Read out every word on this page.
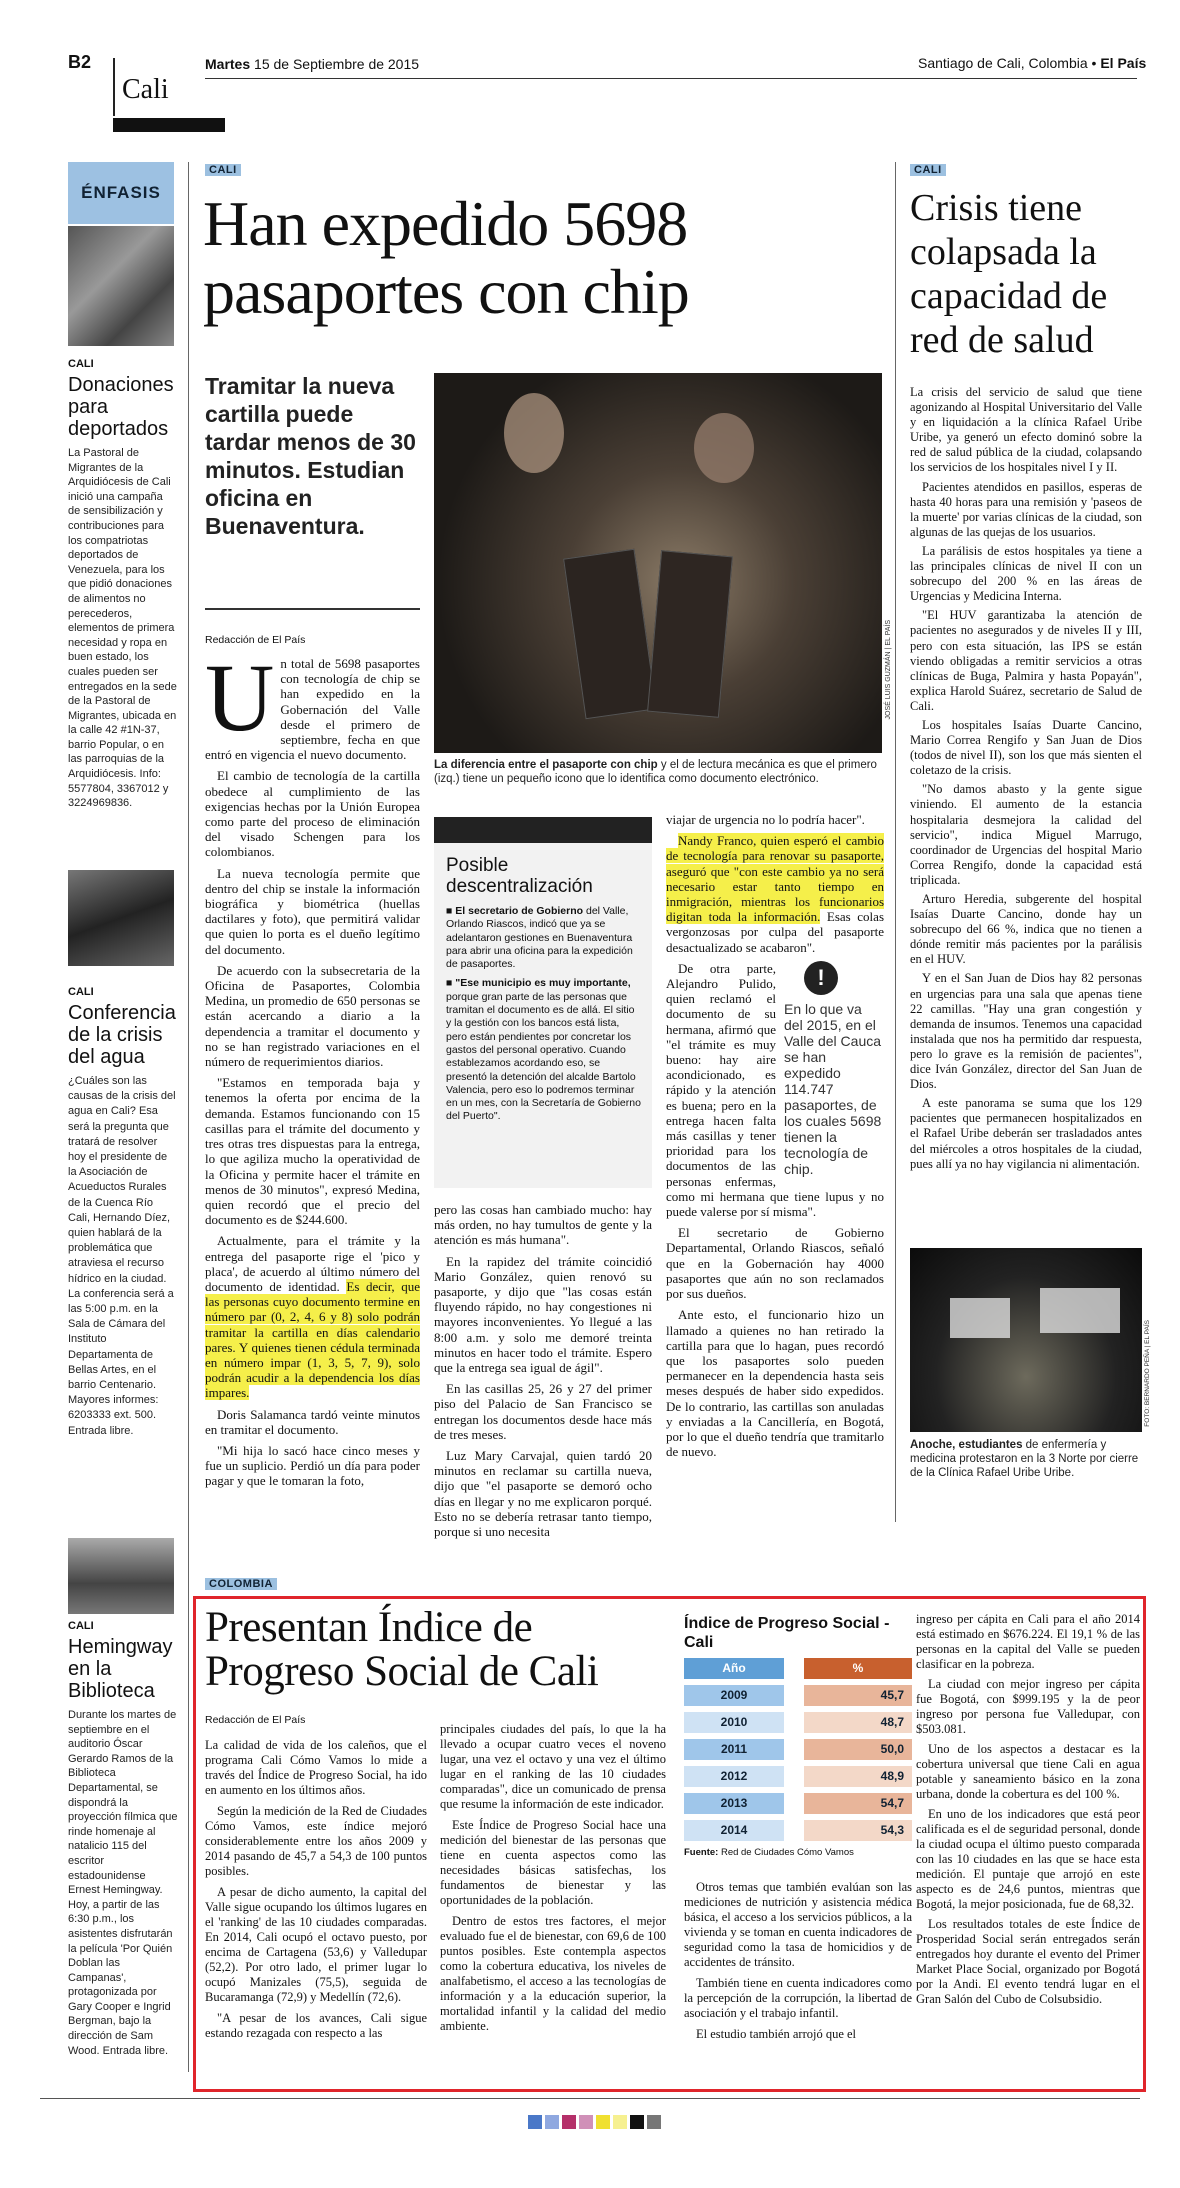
B2
Cali
Martes 15 de Septiembre de 2015	Santiago de Cali, Colombia • El País
ÉNFASIS
CALI
Donaciones para deportados
La Pastoral de Migrantes de la Arquidiócesis de Cali inició una campaña de sensibilización y contribuciones para los compatriotas deportados de Venezuela, para los que pidió donaciones de alimentos no perecederos, elementos de primera necesidad y ropa en buen estado, los cuales pueden ser entregados en la sede de la Pastoral de Migrantes, ubicada en la calle 42 #1N-37, barrio Popular, o en las parroquias de la Arquidiócesis. Info: 5577804, 3367012 y 3224969836.
CALI
Conferencia de la crisis del agua
¿Cuáles son las causas de la crisis del agua en Cali? Esa será la pregunta que tratará de resolver hoy el presidente de la Asociación de Acueductos Rurales de la Cuenca Río Cali, Hernando Díez, quien hablará de la problemática que atraviesa el recurso hídrico en la ciudad. La conferencia será a las 5:00 p.m. en la Sala de Cámara del Instituto Departamenta de Bellas Artes, en el barrio Centenario. Mayores informes: 6203333 ext. 500. Entrada libre.
CALI
Hemingway en la Biblioteca
Durante los martes de septiembre en el auditorio Óscar Gerardo Ramos de la Biblioteca Departamental, se dispondrá la proyección fílmica que rinde homenaje al natalicio 115 del escritor estadounidense Ernest Hemingway. Hoy, a partir de las 6:30 p.m., los asistentes disfrutarán la película 'Por Quién Doblan las Campanas', protagonizada por Gary Cooper e Ingrid Bergman, bajo la dirección de Sam Wood. Entrada libre.
CALI
Han expedido 5698 pasaportes con chip
Tramitar la nueva cartilla puede tardar menos de 30 minutos. Estudian oficina en Buenaventura.
Redacción de El País	JOSÉ LUIS GUZMÁN | EL PAÍS
La diferencia entre el pasaporte con chip y el de lectura mecánica es que el primero (izq.) tiene un pequeño icono que lo identifica como documento electrónico.
U n total de 5698 pasaportes con tecnología de chip se han expedido en la Gobernación del Valle desde el primero de septiembre, fecha en que entró en vigencia el nuevo documento.

El cambio de tecnología de la cartilla obedece al cumplimiento de las exigencias hechas por la Unión Europea como parte del proceso de eliminación del visado Schengen para los colombianos.

La nueva tecnología permite que dentro del chip se instale la información biográfica y biométrica (huellas dactilares y foto), que permitirá validar que quien lo porta es el dueño legítimo del documento.

De acuerdo con la subsecretaria de la Oficina de Pasaportes, Colombia Medina, un promedio de 650 personas se están acercando a diario a la dependencia a tramitar el documento y no se han registrado variaciones en el número de requerimientos diarios.

"Estamos en temporada baja y tenemos la oferta por encima de la demanda. Estamos funcionando con 15 casillas para el trámite del documento y tres otras tres dispuestas para la entrega, lo que agiliza mucho la operatividad de la Oficina y permite hacer el trámite en menos de 30 minutos", expresó Medina, quien recordó que el precio del documento es de $244.600.

Actualmente, para el trámite y la entrega del pasaporte rige el 'pico y placa', de acuerdo al último número del documento de identidad. Es decir, que las personas cuyo documento termine en número par (0, 2, 4, 6 y 8) solo podrán tramitar la cartilla en días calendario pares. Y quienes tienen cédula terminada en número impar (1, 3, 5, 7, 9), solo podrán acudir a la dependencia los días impares.

Doris Salamanca tardó veinte minutos en tramitar el documento.

"Mi hija lo sacó hace cinco meses y fue un suplicio. Perdió un día para poder pagar y que le tomaran la foto,

Posible descentralización
■ El secretario de Gobierno del Valle, Orlando Riascos, indicó que ya se adelantaron gestiones en Buenaventura para abrir una oficina para la expedición de pasaportes.
■ "Ese municipio es muy importante, porque gran parte de las personas que tramitan el documento es de allá. El sitio y la gestión con los bancos está lista, pero están pendientes por concretar los gastos del personal operativo. Cuando establezamos acordando eso, se presentó la detención del alcalde Bartolo Valencia, pero eso lo podremos terminar en un mes, con la Secretaría de Gobierno del Puerto".

pero las cosas han cambiado mucho: hay más orden, no hay tumultos de gente y la atención es más humana".

En la rapidez del trámite coincidió Mario González, quien renovó su pasaporte, y dijo que "las cosas están fluyendo rápido, no hay congestiones ni mayores inconvenientes. Yo llegué a las 8:00 a.m. y solo me demoré treinta minutos en hacer todo el trámite. Espero que la entrega sea igual de ágil".

En las casillas 25, 26 y 27 del primer piso del Palacio de San Francisco se entregan los documentos desde hace más de tres meses.

Luz Mary Carvajal, quien tardó 20 minutos en reclamar su cartilla nueva, dijo que "el pasaporte se demoró ocho días en llegar y no me explicaron porqué. Esto no se debería retrasar tanto tiempo, porque si uno necesita

viajar de urgencia no lo podría hacer".

Nandy Franco, quien esperó el cambio de tecnología para renovar su pasaporte, aseguró que "con este cambio ya no será necesario estar tanto tiempo en inmigración, mientras los funcionarios digitan toda la información. Esas colas vergonzosas por culpa del pasaporte desactualizado se acabaron".

!
En lo que va del 2015, en el Valle del Cauca se han expedido 114.747 pasaportes, de los cuales 5698 tienen la tecnología de chip.

De otra parte, Alejandro Pulido, quien reclamó el documento de su hermana, afirmó que "el trámite es muy bueno: hay aire acondicionado, es rápido y la atención es buena; pero en la entrega hacen falta más casillas y tener prioridad para los documentos de las personas enfermas, como mi hermana que tiene lupus y no puede valerse por sí misma".

El secretario de Gobierno Departamental, Orlando Riascos, señaló que en la Gobernación hay 4000 pasaportes que aún no son reclamados por sus dueños.

Ante esto, el funcionario hizo un llamado a quienes no han retirado la cartilla para que lo hagan, pues recordó que los pasaportes solo pueden permanecer en la dependencia hasta seis meses después de haber sido expedidos. De lo contrario, las cartillas son anuladas y enviadas a la Cancillería, en Bogotá, por lo que el dueño tendría que tramitarlo de nuevo.

CALI
Crisis tiene colapsada la capacidad de red de salud

La crisis del servicio de salud que tiene agonizando al Hospital Universitario del Valle y en liquidación a la clínica Rafael Uribe Uribe, ya generó un efecto dominó sobre la red de salud pública de la ciudad, colapsando los servicios de los hospitales nivel I y II.

Pacientes atendidos en pasillos, esperas de hasta 40 horas para una remisión y 'paseos de la muerte' por varias clínicas de la ciudad, son algunas de las quejas de los usuarios.

La parálisis de estos hospitales ya tiene a las principales clínicas de nivel II con un sobrecupo del 200 % en las áreas de Urgencias y Medicina Interna.

"El HUV garantizaba la atención de pacientes no asegurados y de niveles II y III, pero con esta situación, las IPS se están viendo obligadas a remitir servicios a otras clínicas de Buga, Palmira y hasta Popayán", explica Harold Suárez, secretario de Salud de Cali.

Los hospitales Isaías Duarte Cancino, Mario Correa Rengifo y San Juan de Dios (todos de nivel II), son los que más sienten el coletazo de la crisis.

"No damos abasto y la gente sigue viniendo. El aumento de la estancia hospitalaria desmejora la calidad del servicio", indica Miguel Marrugo, coordinador de Urgencias del hospital Mario Correa Rengifo, donde la capacidad está triplicada.

Arturo Heredia, subgerente del hospital Isaías Duarte Cancino, donde hay un sobrecupo del 66 %, indica que no tienen a dónde remitir más pacientes por la parálisis en el HUV.

Y en el San Juan de Dios hay 82 personas en urgencias para una sala que apenas tiene 22 camillas. "Hay una gran congestión y demanda de insumos. Tenemos una capacidad instalada que nos ha permitido dar respuesta, pero lo grave es la remisión de pacientes", dice Iván González, director del San Juan de Dios.

A este panorama se suma que los 129 pacientes que permanecen hospitalizados en el Rafael Uribe deberán ser trasladados antes del miércoles a otros hospitales de la ciudad, pues allí ya no hay vigilancia ni alimentación.

FOTO: BERNARDO PEÑA | EL PAÍS
Anoche, estudiantes de enfermería y medicina protestaron en la 3 Norte por cierre de la Clínica Rafael Uribe Uribe.
COLOMBIA
Presentan Índice de Progreso Social de Cali
Redacción de El País

La calidad de vida de los caleños, que el programa Cali Cómo Vamos lo mide a través del Índice de Progreso Social, ha ido en aumento en los últimos años.

Según la medición de la Red de Ciudades Cómo Vamos, este índice mejoró considerablemente entre los años 2009 y 2014 pasando de 45,7 a 54,3 de 100 puntos posibles.

A pesar de dicho aumento, la capital del Valle sigue ocupando los últimos lugares en el 'ranking' de las 10 ciudades comparadas. En 2014, Cali ocupó el octavo puesto, por encima de Cartagena (53,6) y Valledupar (52,2). Por otro lado, el primer lugar lo ocupó Manizales (75,5), seguida de Bucaramanga (72,9) y Medellín (72,6).

"A pesar de los avances, Cali sigue estando rezagada con respecto a las

principales ciudades del país, lo que la ha llevado a ocupar cuatro veces el noveno lugar, una vez el octavo y una vez el último lugar en el ranking de las 10 ciudades comparadas", dice un comunicado de prensa que resume la información de este indicador.

Este Índice de Progreso Social hace una medición del bienestar de las personas que tiene en cuenta aspectos como las necesidades básicas satisfechas, los fundamentos de bienestar y las oportunidades de la población.

Dentro de estos tres factores, el mejor evaluado fue el de bienestar, con 69,6 de 100 puntos posibles. Este contempla aspectos como la cobertura educativa, los niveles de analfabetismo, el acceso a las tecnologías de información y a la educación superior, la mortalidad infantil y la calidad del medio ambiente.

Índice de Progreso Social - Cali
Año	%
2009	45,7
2010	48,7
2011	50,0
2012	48,9
2013	54,7
2014	54,3
Fuente: Red de Ciudades Cómo Vamos

Otros temas que también evalúan son las mediciones de nutrición y asistencia médica básica, el acceso a los servicios públicos, a la vivienda y se toman en cuenta indicadores de seguridad como la tasa de homicidios y de accidentes de tránsito.

También tiene en cuenta indicadores como la percepción de la corrupción, la libertad de asociación y el trabajo infantil.

El estudio también arrojó que el

ingreso per cápita en Cali para el año 2014 está estimado en $676.224. El 19,1 % de las personas en la capital del Valle se pueden clasificar en la pobreza.

La ciudad con mejor ingreso per cápita fue Bogotá, con $999.195 y la de peor ingreso por persona fue Valledupar, con $503.081.

Uno de los aspectos a destacar es la cobertura universal que tiene Cali en agua potable y saneamiento básico en la zona urbana, donde la cobertura es del 100 %.

En uno de los indicadores que está peor calificada es el de seguridad personal, donde la ciudad ocupa el último puesto comparada con las 10 ciudades en las que se hace esta medición. El puntaje que arrojó en este aspecto es de 24,6 puntos, mientras que Bogotá, la mejor posicionada, fue de 68,32.

Los resultados totales de este Índice de Prosperidad Social serán entregados serán entregados hoy durante el evento del Primer Market Place Social, organizado por Bogotá por la Andi. El evento tendrá lugar en el Gran Salón del Cubo de Colsubsidio.
